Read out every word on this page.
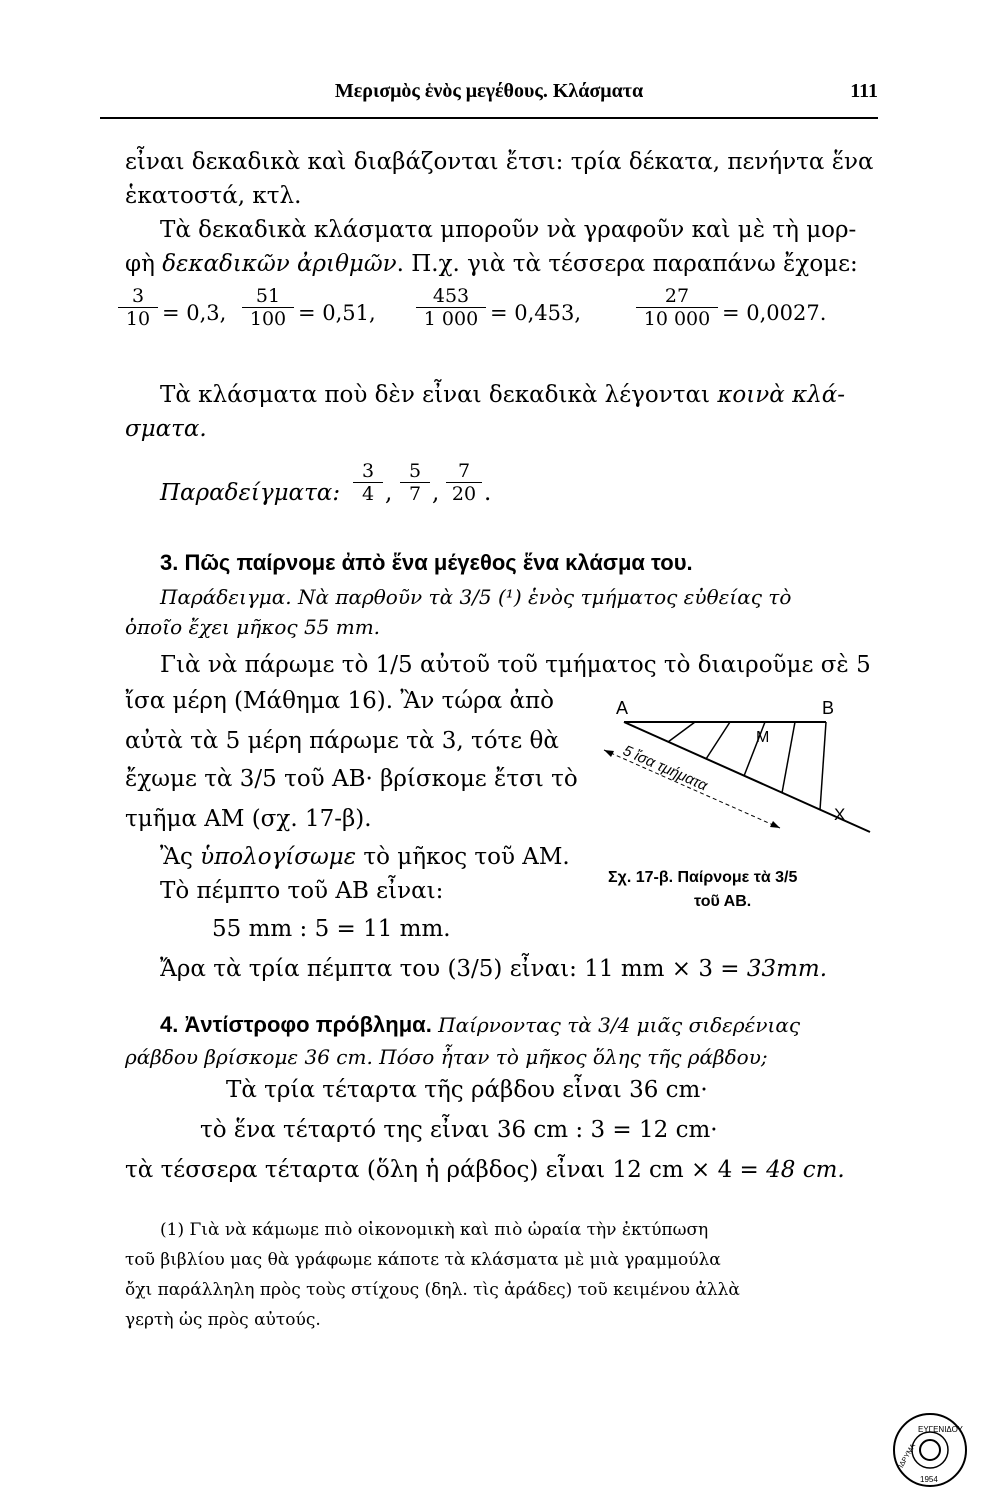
Μερισμὸς ἑνὸς μεγέθους. Κλάσματα	111
εἶναι δεκαδικὰ καὶ διαβάζονται ἔτσι: τρία δέκατα, πενήντα ἕνα
ἑκατοστά, κτλ.
Τὰ δεκαδικὰ κλάσματα μποροῦν νὰ γραφοῦν καὶ μὲ τὴ μορ-
φὴ δεκαδικῶν ἀριθμῶν. Π.χ. γιὰ τὰ τέσσερα παραπάνω ἔχομε:
$\frac{3}{10} = 0,3$, $\frac{51}{100} = 0,51$, $\frac{453}{1 000} = 0,453$,	$\frac{27}{10 000} = 0,0027$.
Τὰ κλάσματα ποὺ δὲν εἶναι δεκαδικὰ λέγονται κοινὰ κλά-
σματα.
Παραδείγματα: $\frac{3}{4}$ , $\frac{5}{7}$ , $\frac{7}{20}$ .
3. Πῶς παίρνομε ἀπὸ ἕνα μέγεθος ἕνα κλάσμα του.
Παράδειγμα. Νὰ παρθοῦν τὰ 3/5 (¹) ἑνὸς τμήματος εὐθείας τὸ
ὁποῖο ἔχει μῆκος 55 mm.
Γιὰ νὰ πάρωμε τὸ 1/5 αὐτοῦ τοῦ τμήματος τὸ διαιροῦμε σὲ 5
ἴσα μέρη (Μάθημα 16). Ἂν τώρα ἀπὸ
αὐτὰ τὰ 5 μέρη πάρωμε τὰ 3, τότε θὰ
ἔχωμε τὰ 3/5 τοῦ ΑΒ· βρίσκομε ἔτσι τὸ
τμῆμα ΑΜ (σχ. 17-β).
Ἂς ὑπολογίσωμε τὸ μῆκος τοῦ ΑΜ.
Τὸ πέμπτο τοῦ ΑΒ εἶναι:
55 mm : 5 = 11 mm.
Ἄρα τὰ τρία πέμπτα του (3/5) εἶναι: 11 mm × 3 = 33mm.
A	B
M
X
5 ἴσα τμήματα
Σχ. 17-β. Παίρνομε τὰ 3/5
τοῦ ΑΒ.
4. Ἀντίστροφο πρόβλημα. Παίρνοντας τὰ 3/4 μιᾶς σιδερένιας
ράβδου βρίσκομε 36 cm. Πόσο ἦταν τὸ μῆκος ὅλης τῆς ράβδου;
Τὰ τρία τέταρτα τῆς ράβδου εἶναι 36 cm·
τὸ ἕνα τέταρτό της εἶναι 36 cm : 3 = 12 cm·
τὰ τέσσερα τέταρτα (ὅλη ἡ ράβδος) εἶναι 12 cm × 4 = 48 cm.
(1) Γιὰ νὰ κάμωμε πιὸ οἰκονομικὴ καὶ πιὸ ὡραία τὴν ἐκτύπωση
τοῦ βιβλίου μας θὰ γράφωμε κάποτε τὰ κλάσματα μὲ μιὰ γραμμούλα
ὄχι παράλληλη πρὸς τοὺς στίχους (δηλ. τὶς ἀράδες) τοῦ κειμένου ἀλλὰ
γερτὴ ὡς πρὸς αὐτούς.
ΕΥΓΕΝΙΔΟΥ
ΙΔΡΥΜΑ
1954
